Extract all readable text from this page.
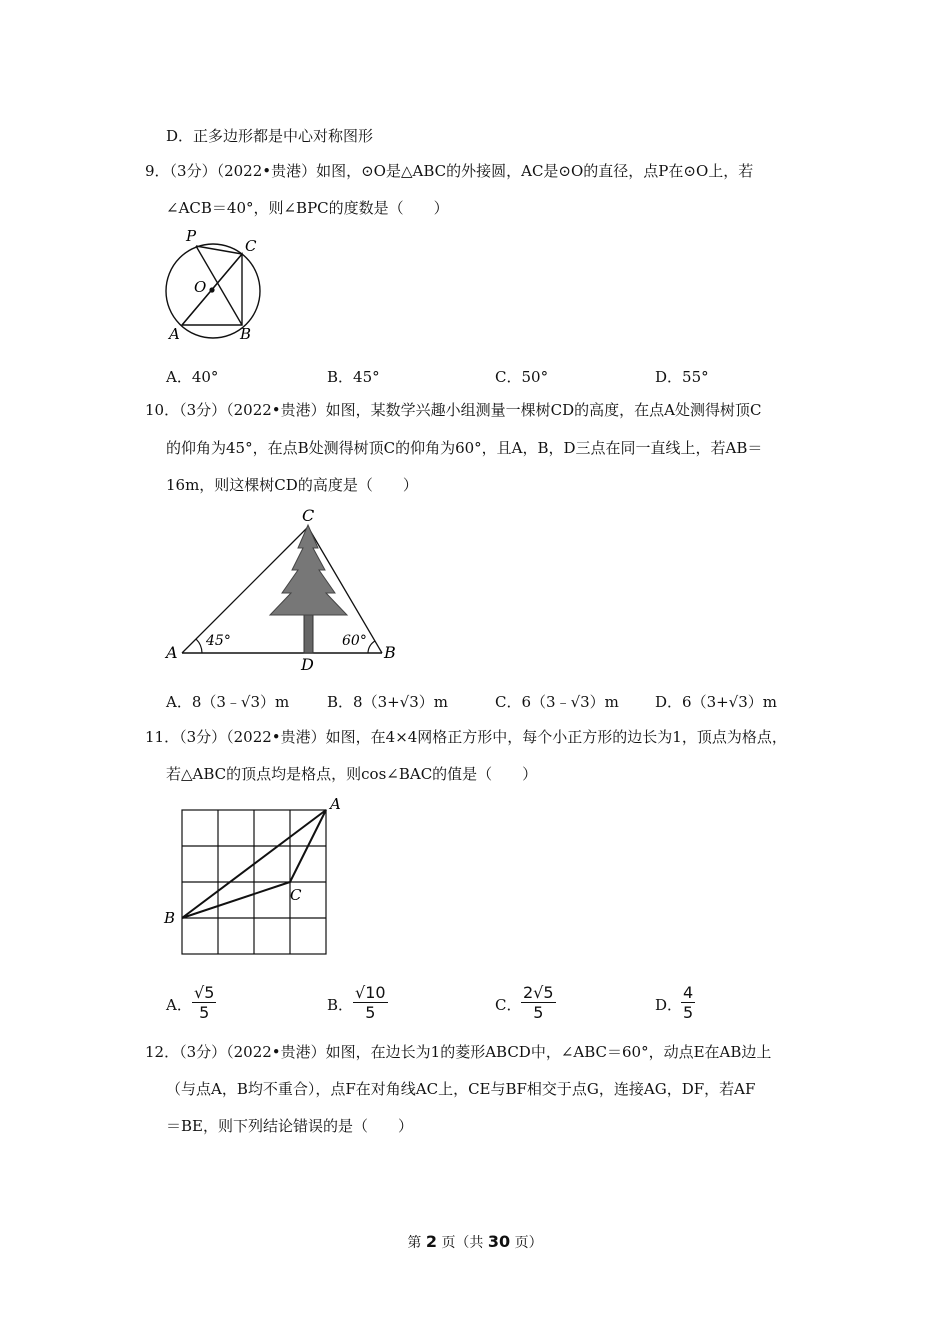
D．正多边形都是中心对称图形
9．（3分）（2022•贵港）如图，⊙O是△ABC的外接圆，AC是⊙O的直径，点P在⊙O上，若
∠ACB＝40°，则∠BPC的度数是（　　）
P
C
O
A	B
A．40°	B．45°	C．50°	D．55°
10．（3分）（2022•贵港）如图，某数学兴趣小组测量一棵树CD的高度，在点A处测得树顶C
的仰角为45°，在点B处测得树顶C的仰角为60°，且A，B，D三点在同一直线上，若AB＝
16m，则这棵树CD的高度是（　　）
C
A	B
D
45°	60°
A．8（3﹣√3）m	B．8（3+√3）m	C．6（3﹣√3）m D．6（3+√3）m
11．（3分）（2022•贵港）如图，在4×4网格正方形中，每个小正方形的边长为1，顶点为格点，
若△ABC的顶点均是格点，则cos∠BAC的值是（　　）
A
B
C
A． $\frac{√5}{5}$	B． $\frac{√10}{5}$	C． $\frac{2√5}{5}$	D．
$\frac{4}{5}$
12．（3分）（2022•贵港）如图，在边长为1的菱形ABCD中，∠ABC＝60°，动点E在AB边上
（与点A，B均不重合），点F在对角线AC上，CE与BF相交于点G，连接AG，DF，若AF
＝BE，则下列结论错误的是（　　）
第 2 页（共 30 页）
